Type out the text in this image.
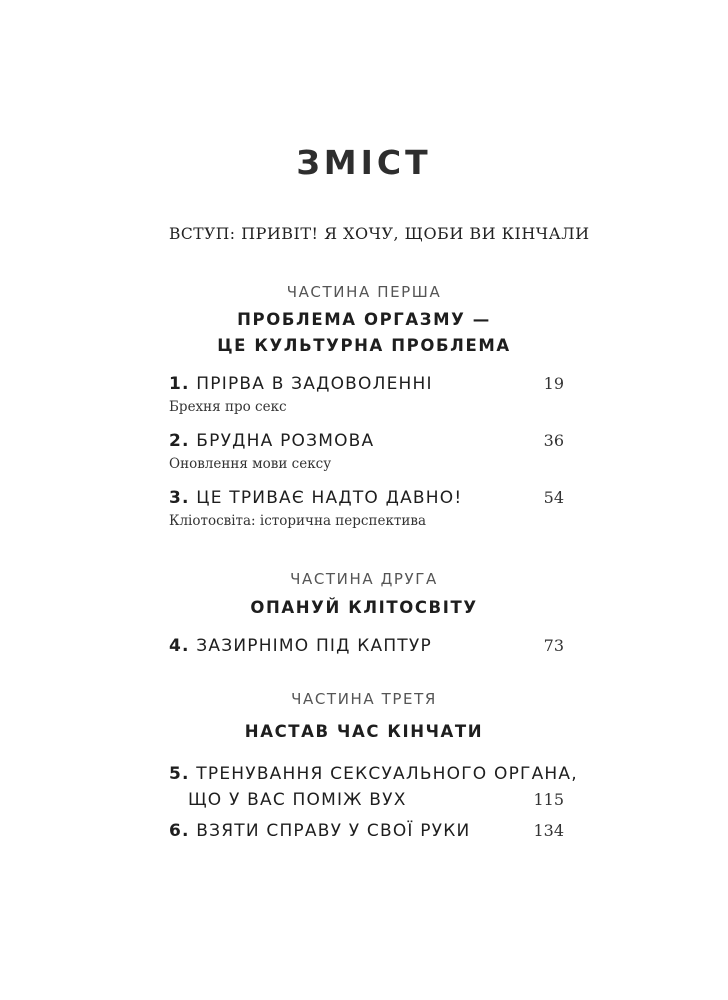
ЗМІСТ
ВСТУП: ПРИВІТ! Я ХОЧУ, ЩОБИ ВИ КІНЧАЛИ
ЧАСТИНА ПЕРША
ПРОБЛЕМА ОРГАЗМУ —
ЦЕ КУЛЬТУРНА ПРОБЛЕМА
1. ПРІРВА В ЗАДОВОЛЕННІ	19
Брехня про секс
2. БРУДНА РОЗМОВА	36
Оновлення мови сексу
3. ЦЕ ТРИВАЄ НАДТО ДАВНО!	54
Кліотосвіта: історична перспектива
ЧАСТИНА ДРУГА
ОПАНУЙ КЛІТОСВІТУ
4. ЗАЗИРНІМО ПІД КАПТУР	73
ЧАСТИНА ТРЕТЯ
НАСТАВ ЧАС КІНЧАТИ
5. ТРЕНУВАННЯ СЕКСУАЛЬНОГО ОРГАНА,
ЩО У ВАС ПОМІЖ ВУХ	115
6. ВЗЯТИ СПРАВУ У СВОЇ РУКИ	134
